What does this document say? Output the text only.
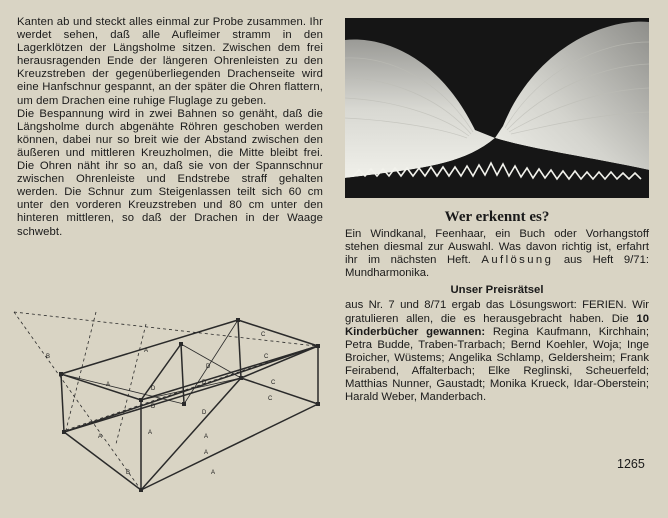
Kanten ab und steckt alles einmal zur Probe zusammen. Ihr werdet sehen, daß alle Aufleimer stramm in den Lagerklötzen der Längsholme sitzen. Zwischen dem frei herausragenden Ende der längeren Ohrenleisten zu den Kreuzstreben der gegenüberliegenden Drachenseite wird eine Hanfschnur gespannt, an der später die Ohren flattern, um dem Drachen eine ruhige Fluglage zu geben.

Die Bespannung wird in zwei Bahnen so genäht, daß die Längsholme durch abgenähte Röhren geschoben werden können, dabei nur so breit wie der Abstand zwischen den äußeren und mittleren Kreuzholmen, die Mitte bleibt frei. Die Ohren näht ihr so an, daß sie von der Spannschnur zwischen Ohrenleiste und Endstrebe straff gehalten werden. Die Schnur zum Steigenlassen teilt sich 60 cm unter den vorderen Kreuzstreben und 80 cm unter den hinteren mittleren, so daß der Drachen in der Waage schwebt.

Wer erkennt es?

Ein Windkanal, Feenhaar, ein Buch oder Vorhangstoff stehen diesmal zur Auswahl. Was davon richtig ist, erfahrt ihr im nächsten Heft. Auflösung aus Heft 9/71: Mundharmonika.

Unser Preisrätsel

aus Nr. 7 und 8/71 ergab das Lösungswort: FERIEN. Wir gratulieren allen, die es herausgebracht haben. Die 10 Kinderbücher gewannen: Regina Kaufmann, Kirchhain; Petra Budde, Traben-Trarbach; Bernd Koehler, Woja; Inge Broicher, Wüstems; Angelika Schlamp, Geldersheim; Frank Feirabend, Affalterbach; Elke Reglinski, Scheuerfeld; Matthias Nunner, Gaustadt; Monika Krueck, Idar-Oberstein; Harald Weber, Manderbach.

B
A
C
A
D
D
D
D
C
D
A
A
A
C
C
A
B	A
1265
